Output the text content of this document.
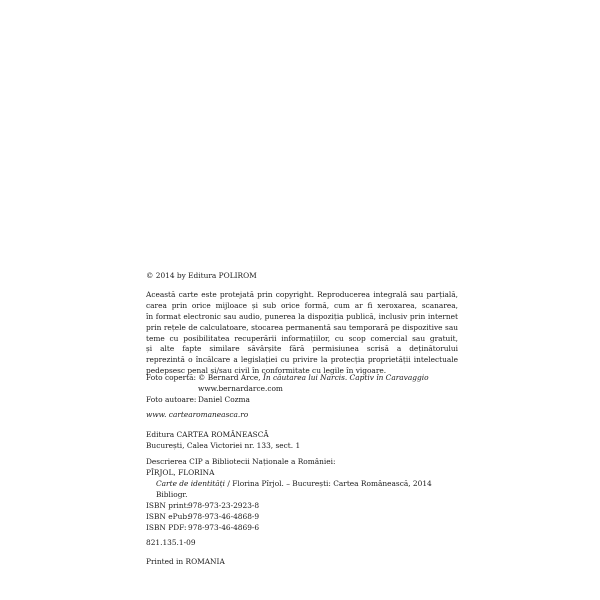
© 2014 by Editura POLIROM
Această carte este protejată prin copyright. Reproducerea integrală sau parțială,
carea prin orice mijloace și sub orice formă, cum ar fi xeroxarea, scanarea,
în format electronic sau audio, punerea la dispoziția publică, inclusiv prin internet
prin rețele de calculatoare, stocarea permanentă sau temporară pe dispozitive sau
teme cu posibilitatea recuperării informațiilor, cu scop comercial sau gratuit,
și alte fapte similare săvârșite fără permisiunea scrisă a deținătorului
reprezintă o încălcare a legislației cu privire la protecția proprietății intelectuale
pedepsesc penal și/sau civil în conformitate cu legile în vigoare.
Foto copertă: © Bernard Arce, În căutarea lui Narcis. Captiv în Caravaggio
www.bernardarce.com
Foto autoare: Daniel Cozma
www. cartearomaneasca.ro
Editura CARTEA ROMÂNEASCĂ
București, Calea Victoriei nr. 133, sect. 1
Descrierea CIP a Bibliotecii Naționale a României:
PÎRJOL, FLORINA
Carte de identități / Florina Pîrjol. – București: Cartea Românească, 2014
Bibliogr.
ISBN print:978-973-23-2923-8
ISBN ePub:978-973-46-4868-9
ISBN PDF: 978-973-46-4869-6
821.135.1-09
Printed in ROMANIA
